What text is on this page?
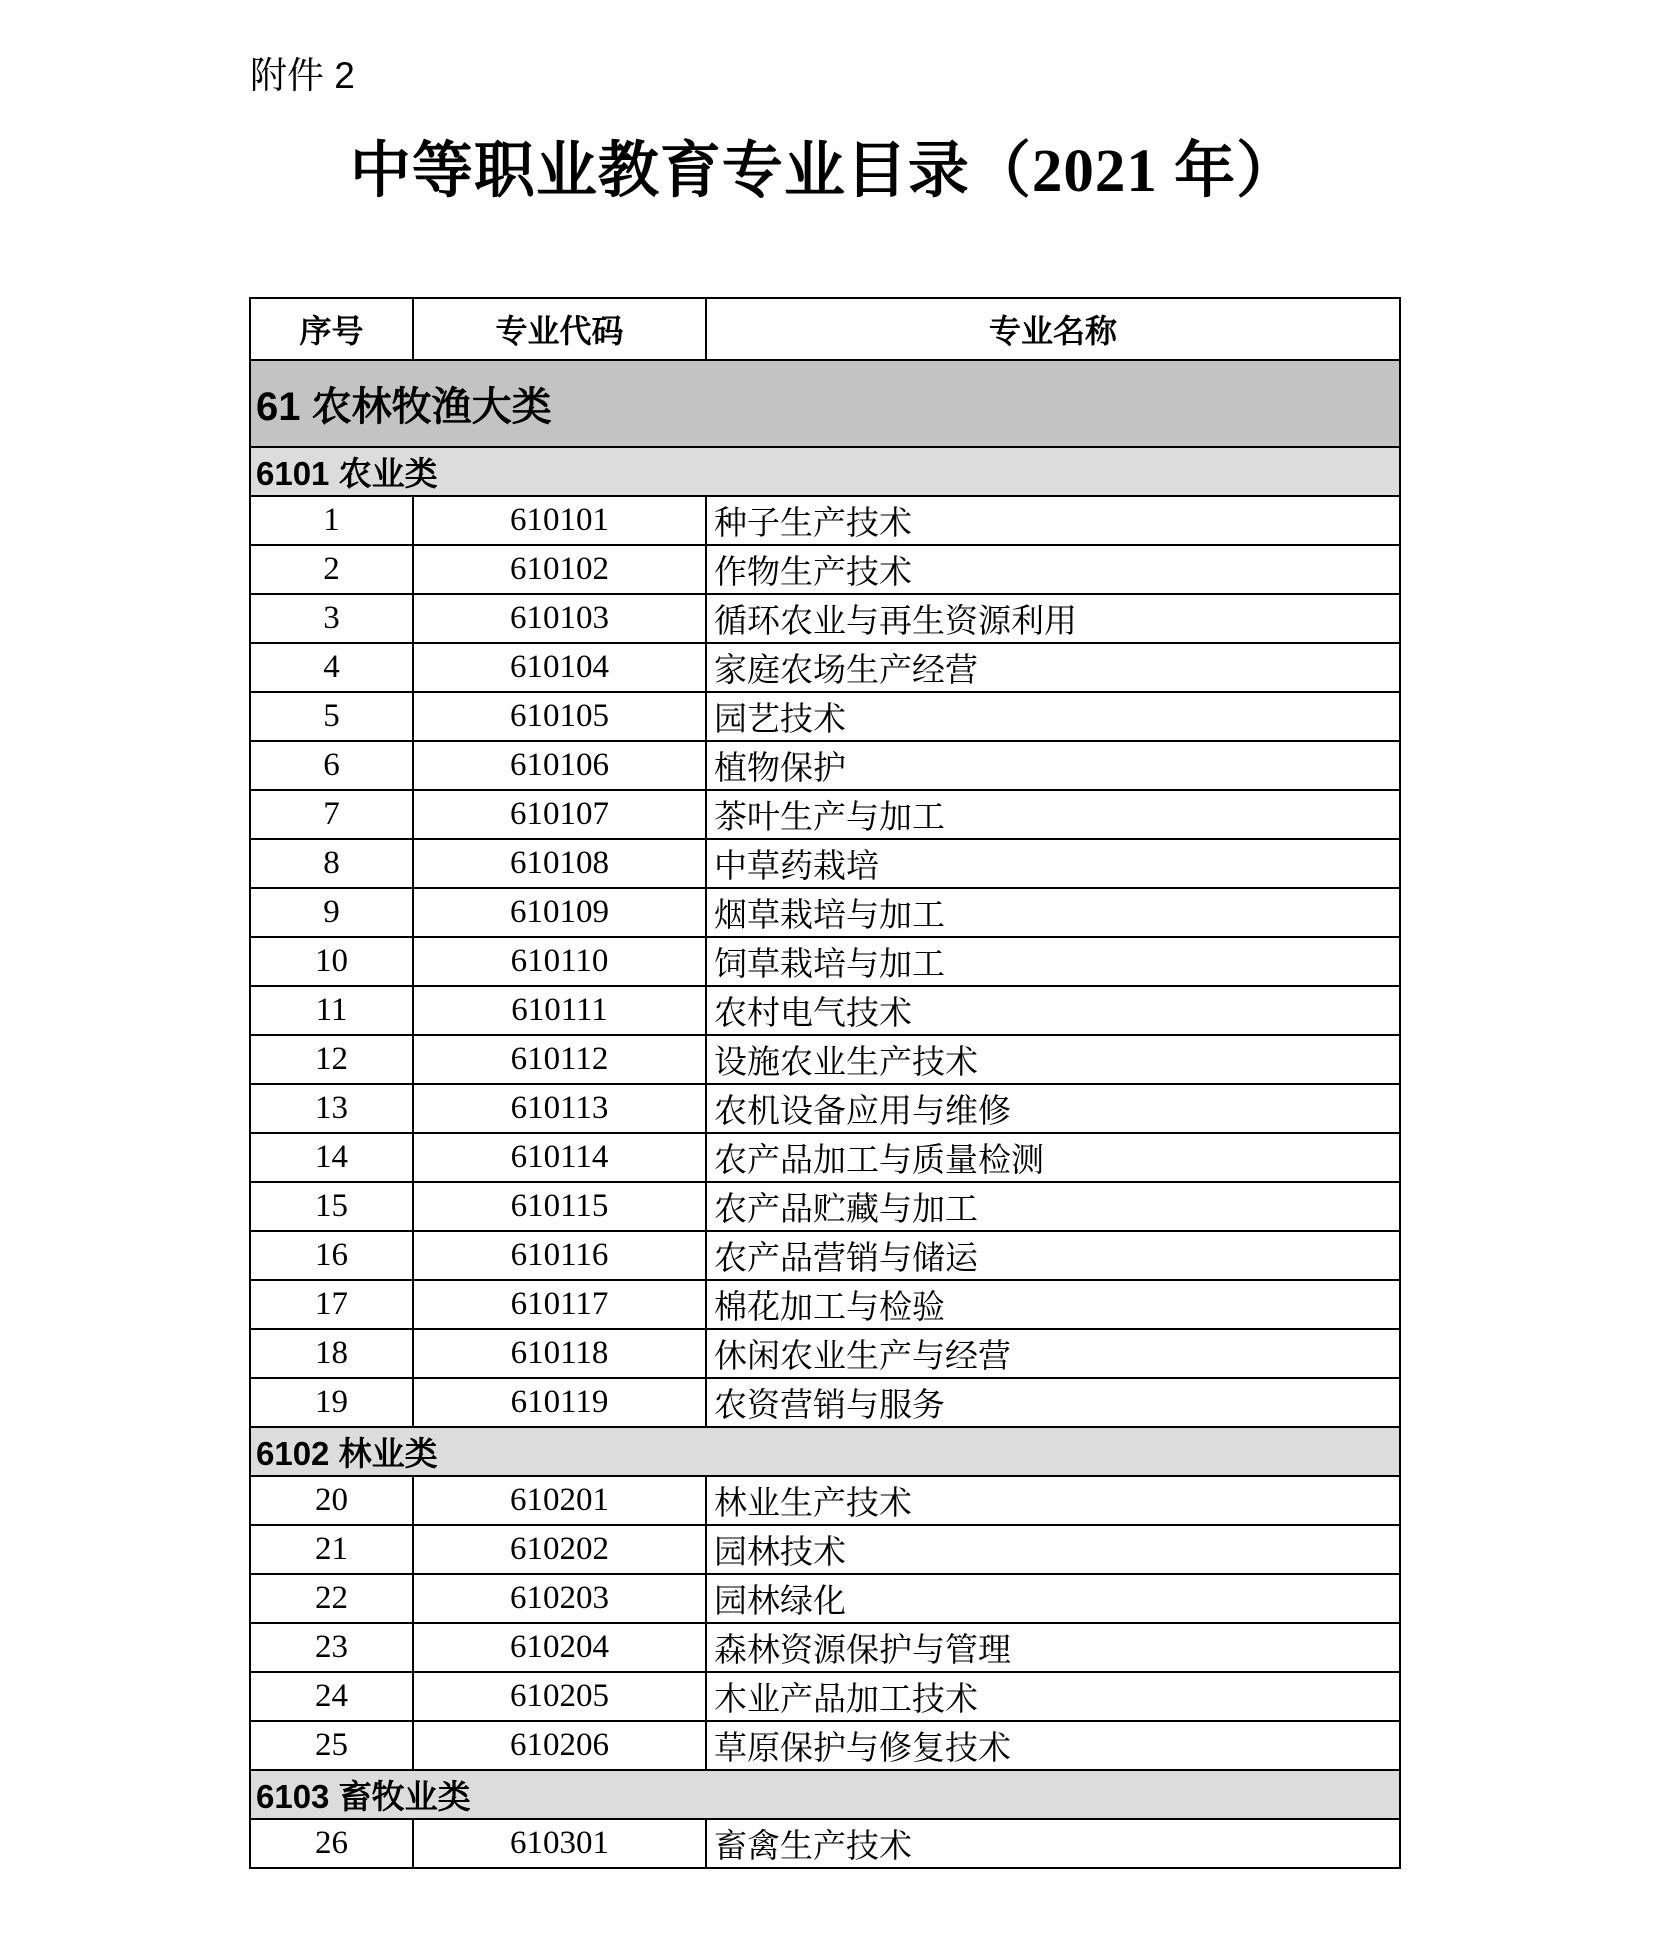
附件 2
中等职业教育专业目录（2021 年）
序号	专业代码	专业名称
61 农林牧渔大类		
6101 农业类		
1	610101	种子生产技术
2	610102	作物生产技术
3	610103	循环农业与再生资源利用
4	610104	家庭农场生产经营
5	610105	园艺技术
6	610106	植物保护
7	610107	茶叶生产与加工
8	610108	中草药栽培
9	610109	烟草栽培与加工
10	610110	饲草栽培与加工
11	610111	农村电气技术
12	610112	设施农业生产技术
13	610113	农机设备应用与维修
14	610114	农产品加工与质量检测
15	610115	农产品贮藏与加工
16	610116	农产品营销与储运
17	610117	棉花加工与检验
18	610118	休闲农业生产与经营
19	610119	农资营销与服务
6102 林业类		
20	610201	林业生产技术
21	610202	园林技术
22	610203	园林绿化
23	610204	森林资源保护与管理
24	610205	木业产品加工技术
25	610206	草原保护与修复技术
6103 畜牧业类		
26	610301	畜禽生产技术
